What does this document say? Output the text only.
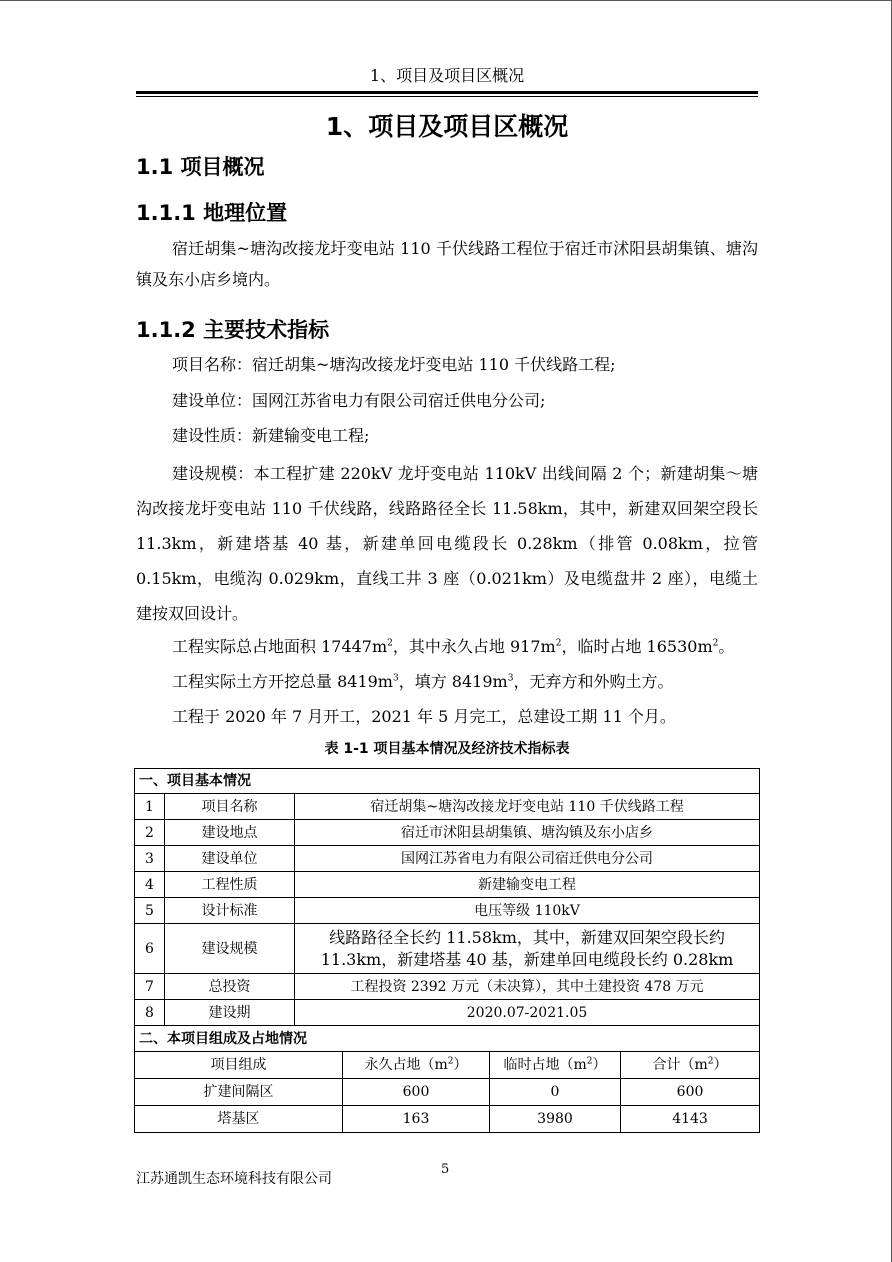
1、项目及项目区概况
1、项目及项目区概况
1.1 项目概况
1.1.1 地理位置
宿迁胡集~塘沟改接龙圩变电站 110 千伏线路工程位于宿迁市沭阳县胡集镇、塘沟镇及东小店乡境内。
1.1.2 主要技术指标
项目名称：宿迁胡集~塘沟改接龙圩变电站 110 千伏线路工程;
建设单位：国网江苏省电力有限公司宿迁供电分公司;
建设性质：新建输变电工程;
建设规模：本工程扩建 220kV 龙圩变电站 110kV 出线间隔 2 个；新建胡集～塘沟改接龙圩变电站 110 千伏线路，线路路径全长 11.58km，其中，新建双回架空段长 11.3km，新建塔基 40 基，新建单回电缆段长 0.28km（排管 0.08km，拉管 0.15km，电缆沟 0.029km，直线工井 3 座（0.021km）及电缆盘井 2 座），电缆土建按双回设计。
工程实际总占地面积 $17447m^2$，其中永久占地 $917m^2$，临时占地 $16530m^2$。
工程实际土方开挖总量 $8419m^3$，填方 $8419m^3$，无弃方和外购土方。
工程于 2020 年 7 月开工，2021 年 5 月完工，总建设工期 11 个月。
表 1-1 项目基本情况及经济技术指标表
一、项目基本情况					
1	项目名称	宿迁胡集~塘沟改接龙圩变电站 110 千伏线路工程			
2	建设地点	宿迁市沭阳县胡集镇、塘沟镇及东小店乡			
3	建设单位	国网江苏省电力有限公司宿迁供电分公司			
4	工程性质	新建输变电工程			
5	设计标准	电压等级 110kV			
6	建设规模	线路路径全长约 11.58km，其中，新建双回架空段长约 11.3km，新建塔基 40 基，新建单回电缆段长约 0.28km			
7	总投资	工程投资 2392 万元（未决算），其中土建投资 478 万元			
8	建设期	2020.07-2021.05			
二、本项目组成及占地情况					
项目组成			永久占地$(m^2)$	临时占地$(m^2)$	合计$(m^2)$
扩建间隔区			600	0	600
塔基区			163	3980	4143
5
江苏通凯生态环境科技有限公司
